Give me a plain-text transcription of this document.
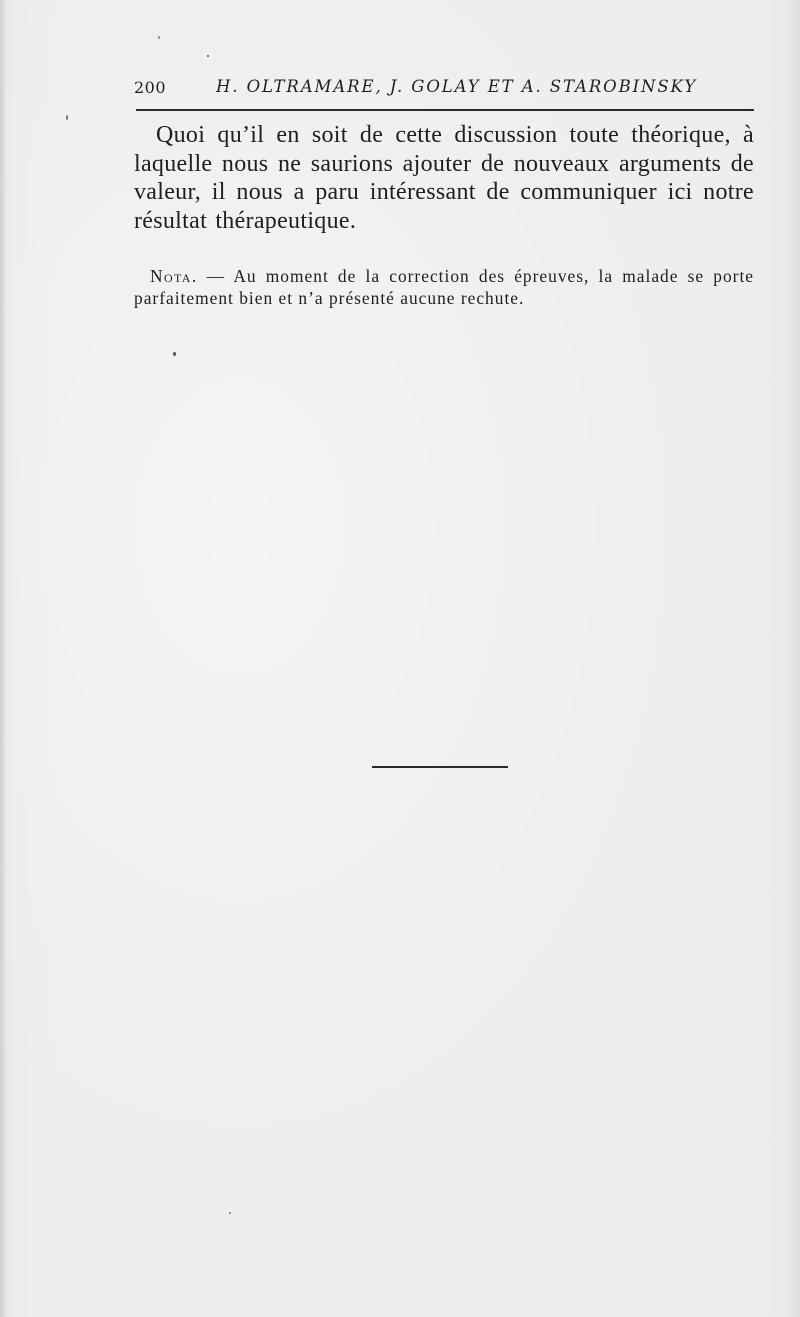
200	H. OLTRAMARE, J. GOLAY ET A. STAROBINSKY

Quoi qu’il en soit de cette discussion toute théorique, à laquelle nous ne saurions ajouter de nouveaux arguments de valeur, il nous a paru intéressant de communiquer ici notre résultat thérapeutique.

Nota. — Au moment de la correction des épreuves, la malade se porte parfaitement bien et n’a présenté aucune rechute.
